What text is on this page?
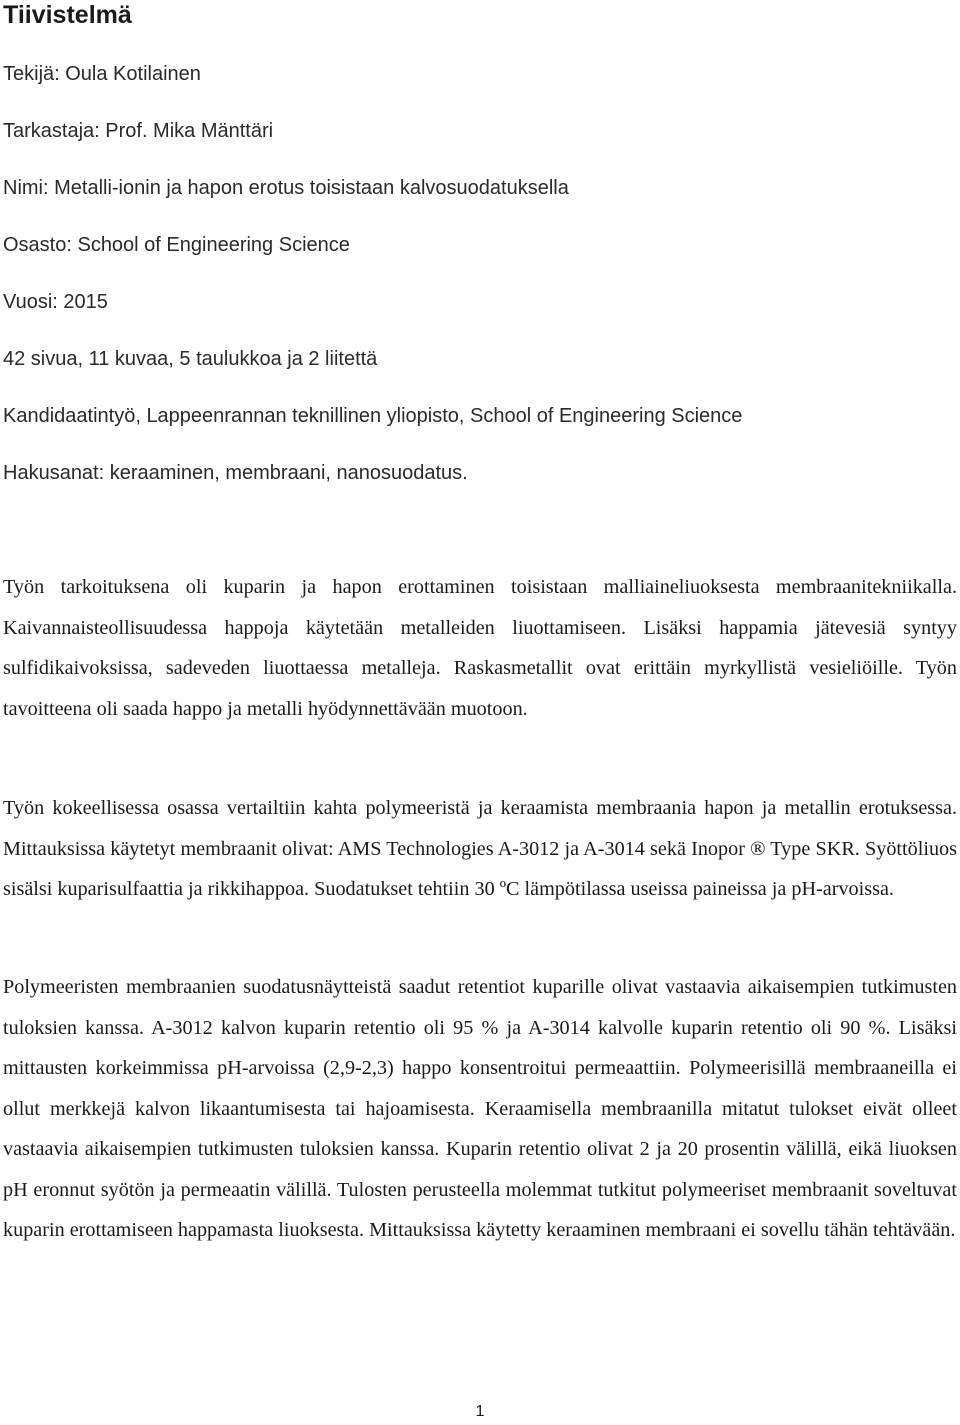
Tiivistelmä
Tekijä: Oula Kotilainen
Tarkastaja: Prof. Mika Mänttäri
Nimi: Metalli-ionin ja hapon erotus toisistaan kalvosuodatuksella
Osasto: School of Engineering Science
Vuosi: 2015
42 sivua, 11 kuvaa, 5 taulukkoa ja 2 liitettä
Kandidaatintyö, Lappeenrannan teknillinen yliopisto, School of Engineering Science
Hakusanat: keraaminen, membraani, nanosuodatus.

Työn tarkoituksena oli kuparin ja hapon erottaminen toisistaan malliaineliuoksesta membraanitekniikalla. Kaivannaisteollisuudessa happoja käytetään metalleiden liuottamiseen. Lisäksi happamia jätevesiä syntyy sulfidikaivoksissa, sadeveden liuottaessa metalleja. Raskasmetallit ovat erittäin myrkyllistä vesieliöille. Työn tavoitteena oli saada happo ja metalli hyödynnettävään muotoon.

Työn kokeellisessa osassa vertailtiin kahta polymeeristä ja keraamista membraania hapon ja metallin erotuksessa. Mittauksissa käytetyt membraanit olivat: AMS Technologies A-3012 ja A-3014 sekä Inopor ® Type SKR. Syöttöliuos sisälsi kuparisulfaattia ja rikkihappoa. Suodatukset tehtiin 30 ºC lämpötilassa useissa paineissa ja pH-arvoissa.

Polymeeristen membraanien suodatusnäytteistä saadut retentiot kuparille olivat vastaavia aikaisempien tutkimusten tuloksien kanssa. A-3012 kalvon kuparin retentio oli 95 % ja A-3014 kalvolle kuparin retentio oli 90 %. Lisäksi mittausten korkeimmissa pH-arvoissa (2,9-2,3) happo konsentroitui permeaattiin. Polymeerisillä membraaneilla ei ollut merkkejä kalvon likaantumisesta tai hajoamisesta. Keraamisella membraanilla mitatut tulokset eivät olleet vastaavia aikaisempien tutkimusten tuloksien kanssa. Kuparin retentio olivat 2 ja 20 prosentin välillä, eikä liuoksen pH eronnut syötön ja permeaatin välillä. Tulosten perusteella molemmat tutkitut polymeeriset membraanit soveltuvat kuparin erottamiseen happamasta liuoksesta. Mittauksissa käytetty keraaminen membraani ei sovellu tähän tehtävään.

1
